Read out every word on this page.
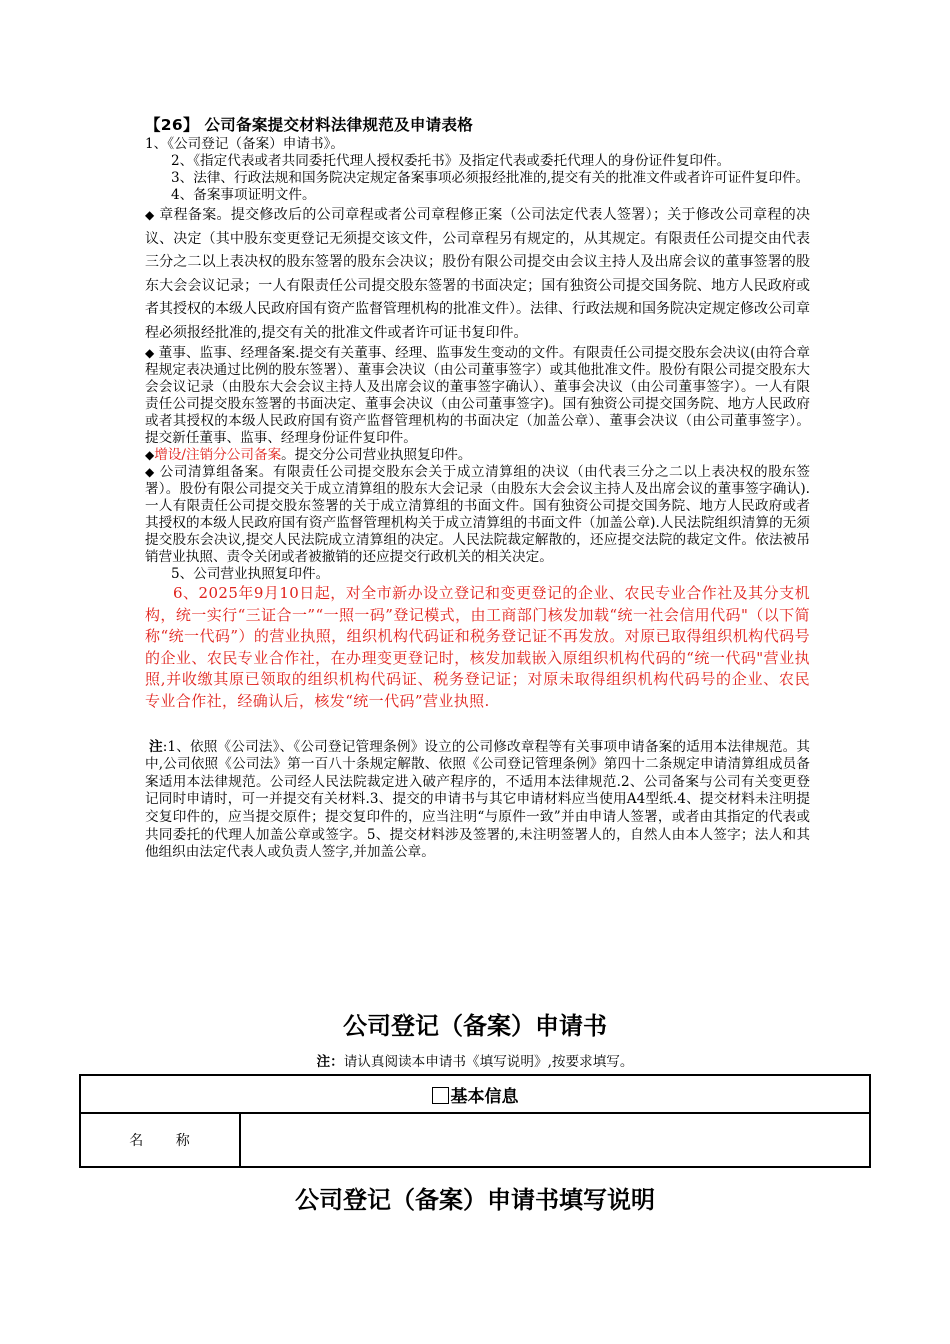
【26】 公司备案提交材料法律规范及申请表格

1、《公司登记（备案）申请书》。

2、《指定代表或者共同委托代理人授权委托书》及指定代表或委托代理人的身份证件复印件。

3、法律、行政法规和国务院决定规定备案事项必须报经批准的,提交有关的批准文件或者许可证件复印件。

4、备案事项证明文件。

◆ 章程备案。提交修改后的公司章程或者公司章程修正案（公司法定代表人签署）；关于修改公司章程的决议、决定（其中股东变更登记无须提交该文件，公司章程另有规定的，从其规定。有限责任公司提交由代表三分之二以上表决权的股东签署的股东会决议；股份有限公司提交由会议主持人及出席会议的董事签署的股东大会会议记录；一人有限责任公司提交股东签署的书面决定；国有独资公司提交国务院、地方人民政府或者其授权的本级人民政府国有资产监督管理机构的批准文件）。法律、行政法规和国务院决定规定修改公司章程必须报经批准的,提交有关的批准文件或者许可证书复印件。

◆ 董事、监事、经理备案.提交有关董事、经理、监事发生变动的文件。有限责任公司提交股东会决议(由符合章程规定表决通过比例的股东签署）、董事会决议（由公司董事签字）或其他批准文件。股份有限公司提交股东大会会议记录（由股东大会会议主持人及出席会议的董事签字确认）、董事会决议（由公司董事签字）。一人有限责任公司提交股东签署的书面决定、董事会决议（由公司董事签字)。国有独资公司提交国务院、地方人民政府或者其授权的本级人民政府国有资产监督管理机构的书面决定（加盖公章）、董事会决议（由公司董事签字）。提交新任董事、监事、经理身份证件复印件。

◆增设/注销分公司备案。提交分公司营业执照复印件。

◆ 公司清算组备案。有限责任公司提交股东会关于成立清算组的决议（由代表三分之二以上表决权的股东签署）。股份有限公司提交关于成立清算组的股东大会记录（由股东大会会议主持人及出席会议的董事签字确认).一人有限责任公司提交股东签署的关于成立清算组的书面文件。国有独资公司提交国务院、地方人民政府或者其授权的本级人民政府国有资产监督管理机构关于成立清算组的书面文件（加盖公章).人民法院组织清算的无须提交股东会决议,提交人民法院成立清算组的决定。人民法院裁定解散的，还应提交法院的裁定文件。依法被吊销营业执照、责令关闭或者被撤销的还应提交行政机关的相关决定。

5、公司营业执照复印件。

6、2025年9月10日起，对全市新办设立登记和变更登记的企业、农民专业合作社及其分支机构，统一实行“三证合一”“一照一码”登记模式，由工商部门核发加载“统一社会信用代码"（以下简称“统一代码”）的营业执照，组织机构代码证和税务登记证不再发放。对原已取得组织机构代码号的企业、农民专业合作社，在办理变更登记时，核发加载嵌入原组织机构代码的“统一代码"营业执照,并收缴其原已领取的组织机构代码证、税务登记证；对原未取得组织机构代码号的企业、农民专业合作社，经确认后，核发“统一代码”营业执照.

注:1、依照《公司法》、《公司登记管理条例》设立的公司修改章程等有关事项申请备案的适用本法律规范。其中,公司依照《公司法》第一百八十条规定解散、依照《公司登记管理条例》第四十二条规定申请清算组成员备案适用本法律规范。公司经人民法院裁定进入破产程序的，不适用本法律规范.2、公司备案与公司有关变更登记同时申请时，可一并提交有关材料.3、提交的申请书与其它申请材料应当使用A4型纸.4、提交材料未注明提交复印件的，应当提交原件；提交复印件的，应当注明“与原件一致”并由申请人签署，或者由其指定的代表或共同委托的代理人加盖公章或签字。5、提交材料涉及签署的,未注明签署人的，自然人由本人签字；法人和其他组织由法定代表人或负责人签字,并加盖公章。

公司登记（备案）申请书
注：请认真阅读本申请书《填写说明》,按要求填写。
基本信息
名 称	
公司登记（备案）申请书填写说明
